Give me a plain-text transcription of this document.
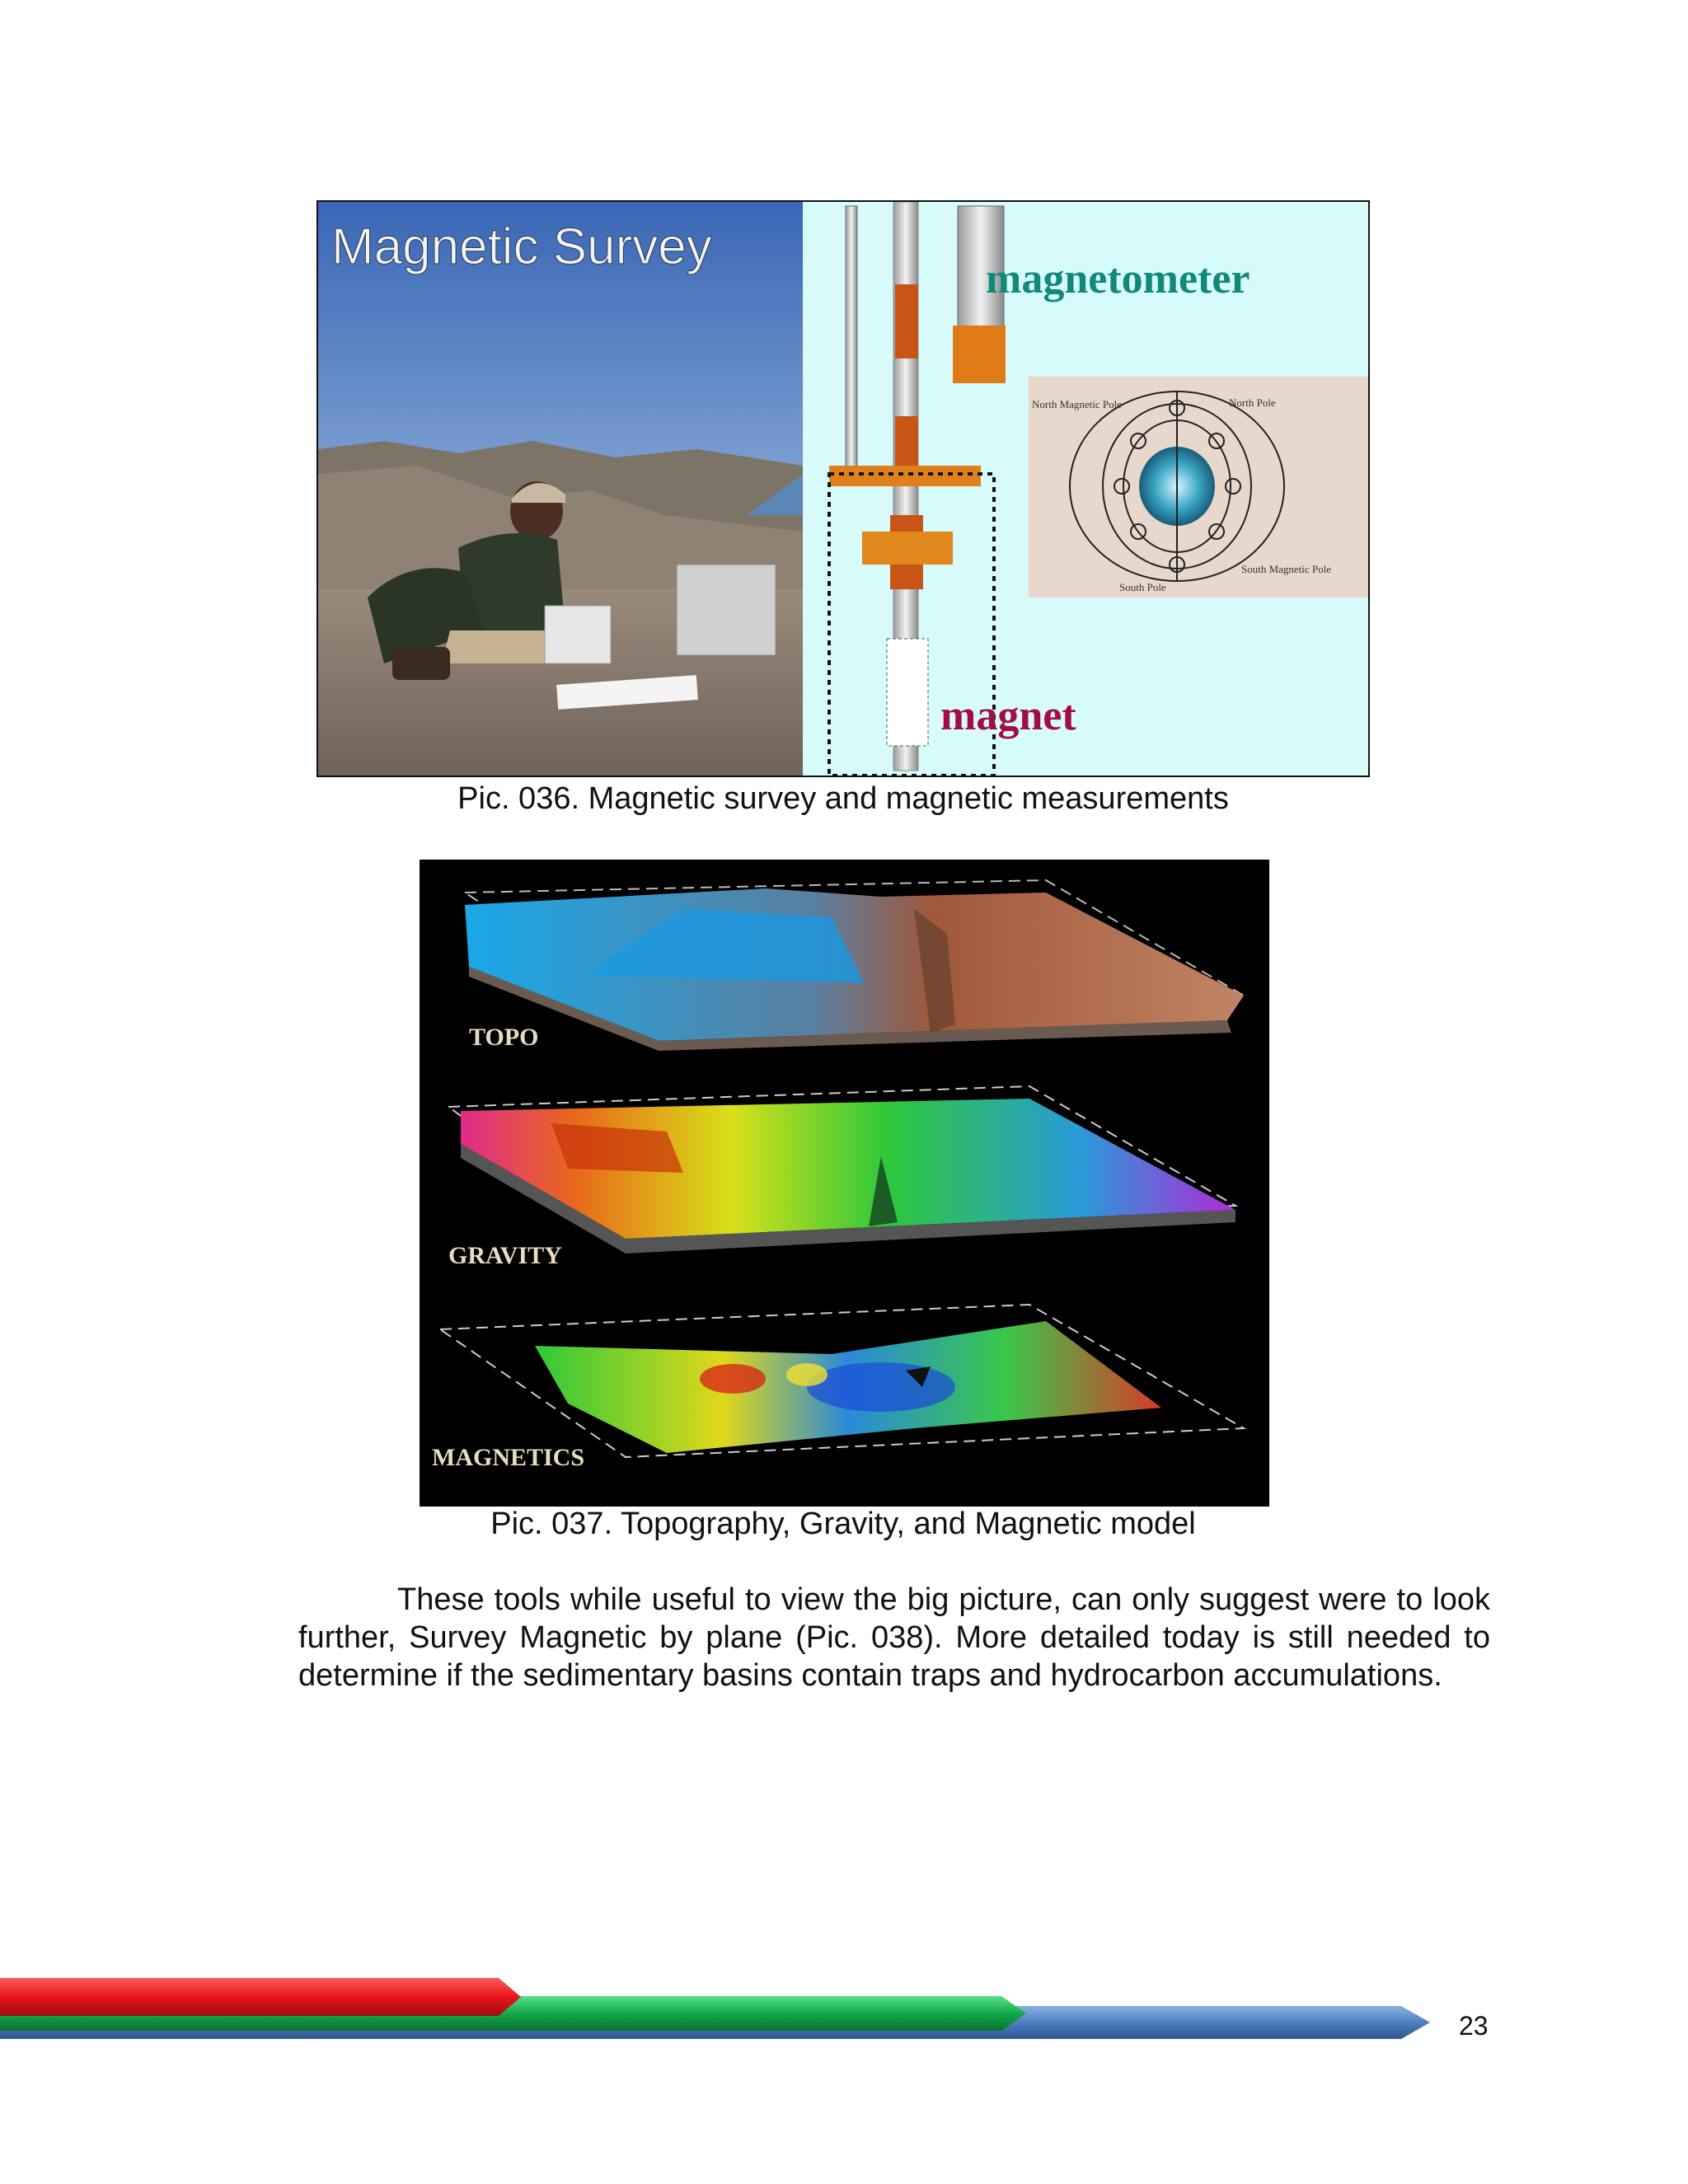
Magnetic Survey
magnetometer
magnet
North Magnetic Pole	North Pole
South Magnetic Pole
South Pole
Pic. 036. Magnetic survey and magnetic measurements
TOPO
GRAVITY
MAGNETICS
Pic. 037. Topography, Gravity, and Magnetic model

These tools while useful to view the big picture, can only suggest were to look further, Survey Magnetic by plane (Pic. 038). More detailed today is still needed to determine if the sedimentary basins contain traps and hydrocarbon accumulations.

23
